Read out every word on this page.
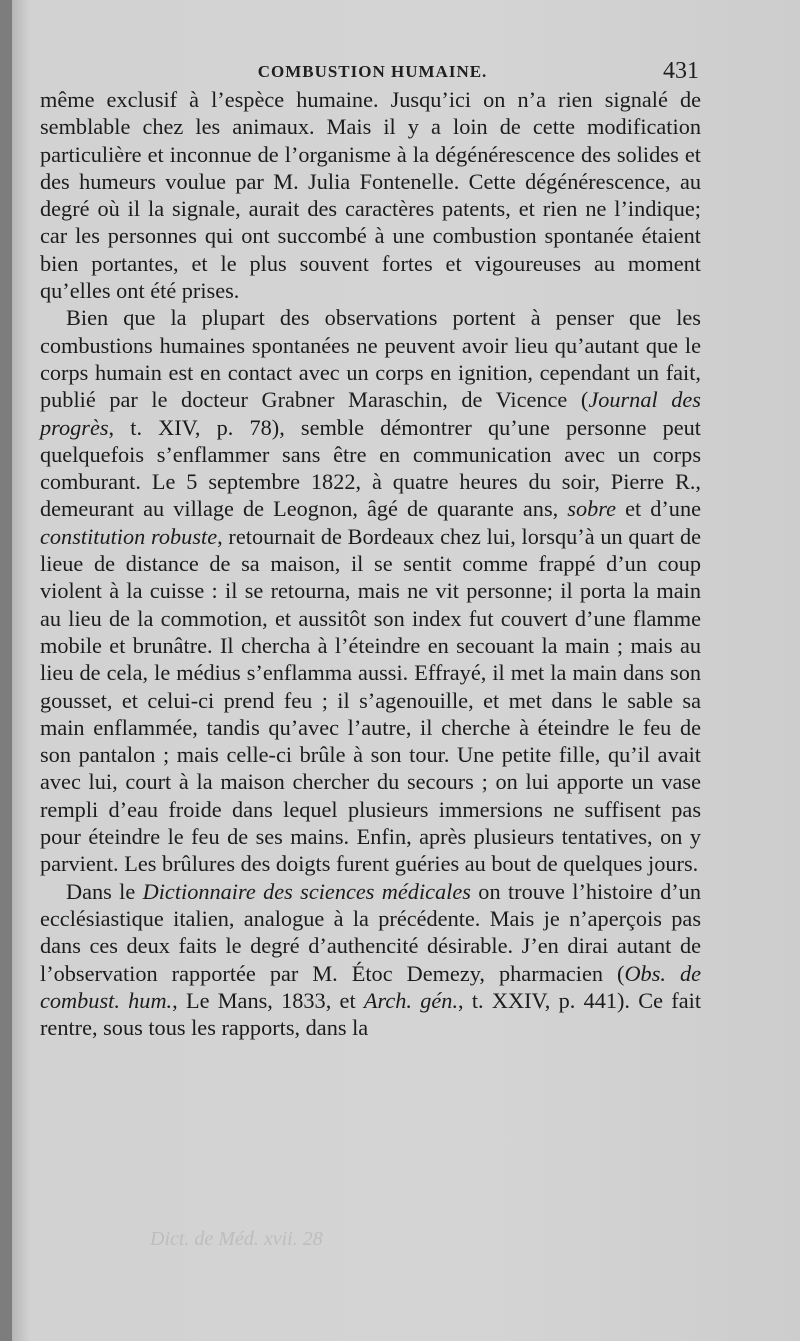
COMBUSTION HUMAINE.	431

même exclusif à l’espèce humaine. Jusqu’ici on n’a rien signalé de semblable chez les animaux. Mais il y a loin de cette modification particulière et inconnue de l’organisme à la dégénérescence des solides et des humeurs voulue par M. Julia Fontenelle. Cette dégénérescence, au degré où il la signale, aurait des caractères patents, et rien ne l’indique; car les personnes qui ont succombé à une combustion spontanée étaient bien portantes, et le plus souvent fortes et vigoureuses au moment qu’elles ont été prises.

Bien que la plupart des observations portent à penser que les combustions humaines spontanées ne peuvent avoir lieu qu’autant que le corps humain est en contact avec un corps en ignition, cependant un fait, publié par le docteur Grabner Maraschin, de Vicence (Journal des progrès, t. XIV, p. 78), semble démontrer qu’une personne peut quelquefois s’enflammer sans être en communication avec un corps comburant. Le 5 septembre 1822, à quatre heures du soir, Pierre R., demeurant au village de Leognon, âgé de quarante ans, sobre et d’une constitution robuste, retournait de Bordeaux chez lui, lorsqu’à un quart de lieue de distance de sa maison, il se sentit comme frappé d’un coup violent à la cuisse : il se retourna, mais ne vit personne; il porta la main au lieu de la commotion, et aussitôt son index fut couvert d’une flamme mobile et brunâtre. Il chercha à l’éteindre en secouant la main ; mais au lieu de cela, le médius s’enflamma aussi. Effrayé, il met la main dans son gousset, et celui-ci prend feu ; il s’agenouille, et met dans le sable sa main enflammée, tandis qu’avec l’autre, il cherche à éteindre le feu de son pantalon ; mais celle-ci brûle à son tour. Une petite fille, qu’il avait avec lui, court à la maison chercher du secours ; on lui apporte un vase rempli d’eau froide dans lequel plusieurs immersions ne suffisent pas pour éteindre le feu de ses mains. Enfin, après plusieurs tentatives, on y parvient. Les brûlures des doigts furent guéries au bout de quelques jours.

Dans le Dictionnaire des sciences médicales on trouve l’histoire d’un ecclésiastique italien, analogue à la précédente. Mais je n’aperçois pas dans ces deux faits le degré d’authencité désirable. J’en dirai autant de l’observation rapportée par M. Étoc Demezy, pharmacien (Obs. de combust. hum., Le Mans, 1833, et Arch. gén., t. XXIV, p. 441). Ce fait rentre, sous tous les rapports, dans la

Dict. de Méd. xvii. 28
